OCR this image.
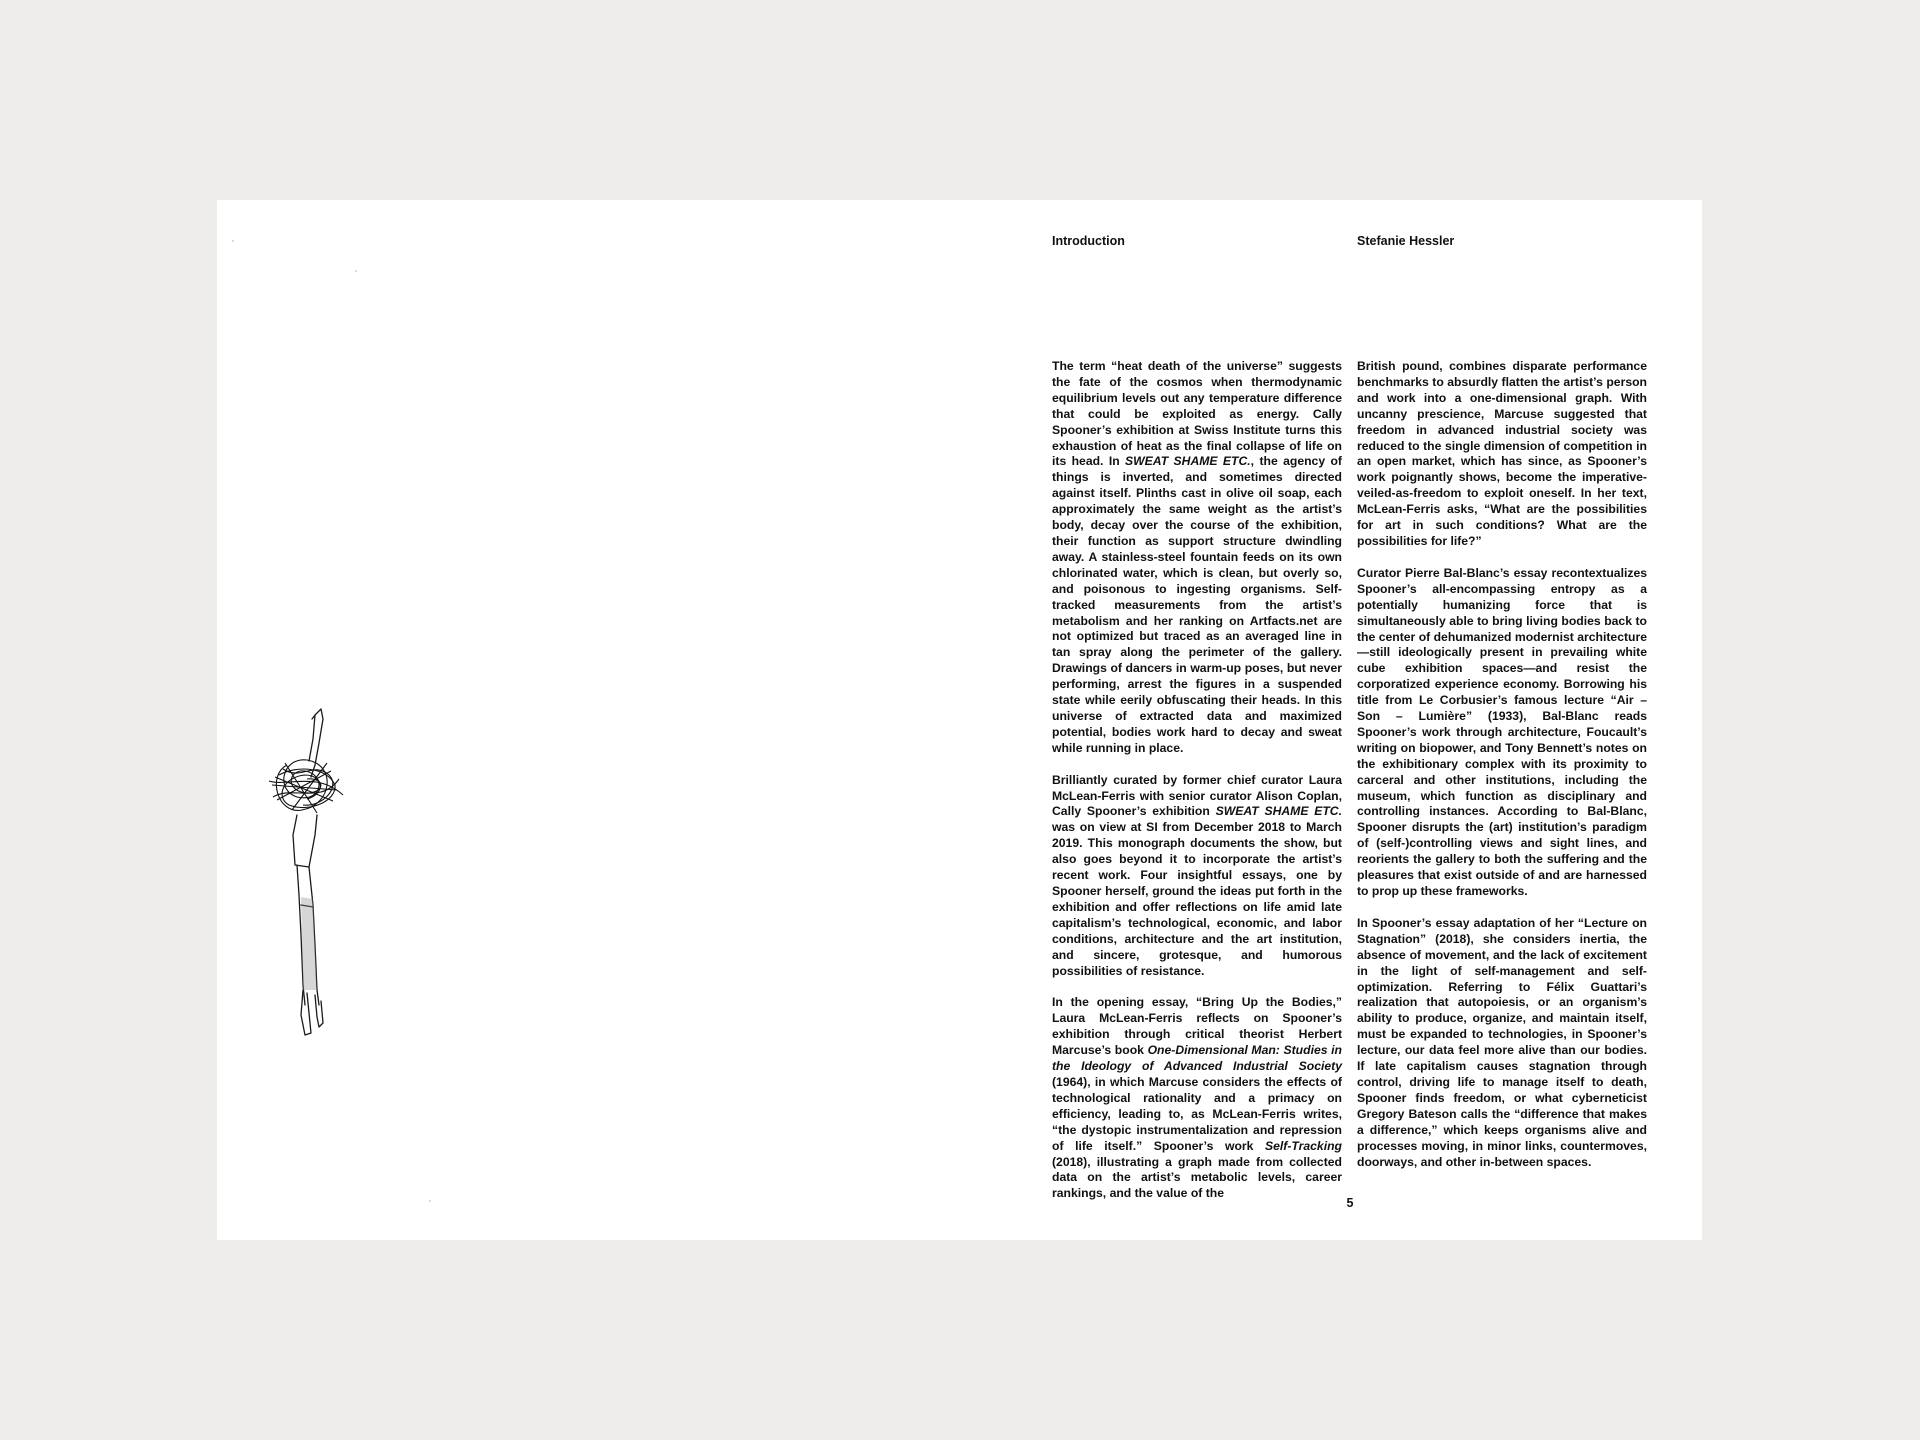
Introduction	Stefanie Hessler

The term “heat death of the universe” suggests the fate of the cosmos when thermodynamic equilibrium levels out any temperature difference that could be exploited as energy. Cally Spooner’s exhibition at Swiss Institute turns this exhaustion of heat as the final collapse of life on its head. In SWEAT SHAME ETC., the agency of things is inverted, and sometimes directed against itself. Plinths cast in olive oil soap, each approximately the same weight as the artist’s body, decay over the course of the exhibition, their function as support structure dwindling away. A stainless-steel fountain feeds on its own chlorinated water, which is clean, but overly so, and poisonous to ingesting organisms. Self-tracked measurements from the artist’s metabolism and her ranking on Artfacts.net are not optimized but traced as an averaged line in tan spray along the perimeter of the gallery. Drawings of dancers in warm-up poses, but never performing, arrest the figures in a suspended state while eerily obfuscating their heads. In this universe of extracted data and maximized potential, bodies work hard to decay and sweat while running in place.

Brilliantly curated by former chief curator Laura McLean-Ferris with senior curator Alison Coplan, Cally Spooner’s exhibition SWEAT SHAME ETC. was on view at SI from December 2018 to March 2019. This monograph documents the show, but also goes beyond it to incorporate the artist’s recent work. Four insightful essays, one by Spooner herself, ground the ideas put forth in the exhibition and offer reflections on life amid late capitalism’s technological, economic, and labor conditions, architecture and the art institution, and sincere, grotesque, and humorous possibilities of resistance.

In the opening essay, “Bring Up the Bodies,” Laura McLean-Ferris reflects on Spooner’s exhibition through critical theorist Herbert Marcuse’s book One-Dimensional Man: Studies in the Ideology of Advanced Industrial Society (1964), in which Marcuse considers the effects of technological rationality and a primacy on efficiency, leading to, as McLean-Ferris writes, “the dystopic instrumentalization and repression of life itself.” Spooner’s work Self-Tracking (2018), illustrating a graph made from collected data on the artist’s metabolic levels, career rankings, and the value of the

British pound, combines disparate performance benchmarks to absurdly flatten the artist’s person and work into a one-dimensional graph. With uncanny prescience, Marcuse suggested that freedom in advanced industrial society was reduced to the single dimension of competition in an open market, which has since, as Spooner’s work poignantly shows, become the imperative-veiled-as-freedom to exploit oneself. In her text, McLean-Ferris asks, “What are the possibilities for art in such conditions? What are the possibilities for life?”

Curator Pierre Bal-Blanc’s essay recontextualizes Spooner’s all-encompassing entropy as a potentially humanizing force that is simultaneously able to bring living bodies back to the center of dehumanized modernist architecture—still ideologically present in prevailing white cube exhibition spaces—and resist the corporatized experience economy. Borrowing his title from Le Corbusier’s famous lecture “Air – Son – Lumière” (1933), Bal-Blanc reads Spooner’s work through architecture, Foucault’s writing on biopower, and Tony Bennett’s notes on the exhibitionary complex with its proximity to carceral and other institutions, including the museum, which function as disciplinary and controlling instances. According to Bal-Blanc, Spooner disrupts the (art) institution’s paradigm of (self-)controlling views and sight lines, and reorients the gallery to both the suffering and the pleasures that exist outside of and are harnessed to prop up these frameworks.

In Spooner’s essay adaptation of her “Lecture on Stagnation” (2018), she considers inertia, the absence of movement, and the lack of excitement in the light of self-management and self-optimization. Referring to Félix Guattari’s realization that autopoiesis, or an organism’s ability to produce, organize, and maintain itself, must be expanded to technologies, in Spooner’s lecture, our data feel more alive than our bodies. If late capitalism causes stagnation through control, driving life to manage itself to death, Spooner finds freedom, or what cyberneticist Gregory Bateson calls the “difference that makes a difference,” which keeps organisms alive and processes moving, in minor links, countermoves, doorways, and other in-between spaces.

5
